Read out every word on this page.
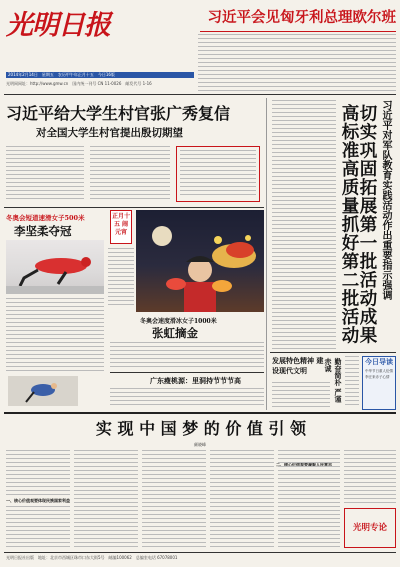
光明日报	习近平会见匈牙利总理欧尔班
2014年2月14日　星期五　农历甲午年正月十五　今日16版
光明网网址：http://www.gmw.cn　国内统一刊号 CN 11-0026　邮发代号 1-16
习近平给大学生村官张广秀复信
对全国大学生村官提出殷切期望	习近平对军队教育实践活动作出重要指示强调
切实巩固拓展第一批活动成果 高标准高质量抓好第二批活动
冬奥会短道速滑女子500米
李坚柔夺冠
正月十五 闹元宵
冬奥会速度滑冰女子1000米
张虹摘金
广东瘦桃源：里洞持节节节高
发展特色精神 建设现代文明	勤奋简朴 严谨赤诚	今日导读
中华节日重人伦情
李汪来赤子心情
实 现 中 国 梦 的 价 值 引 领
颜晓峰
一、核心价值观要体现民族国家利益
二、核心价值观要凝聚人民意志
光明专论
光明日报社出版　地址：北京市西城区珠市口东大街5号　邮编100062　总编室电话 67078001
